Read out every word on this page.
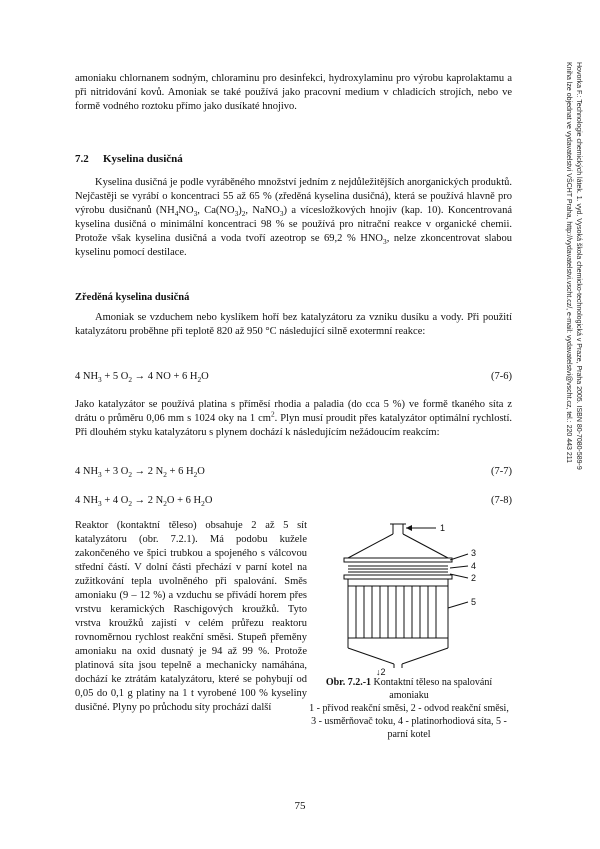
amoniaku chlornanem sodným, chloraminu pro desinfekci, hydroxylaminu pro výrobu kaprolaktamu a při nitridování kovů. Amoniak se také používá jako pracovní medium v chladicích strojích, nebo ve formě vodného roztoku přímo jako dusíkaté hnojivo.

7.2 Kyselina dusičná

Kyselina dusičná je podle vyráběného množství jedním z nejdůležitějších anorganických produktů. Nejčastěji se vyrábí o koncentraci 55 až 65 % (zředěná kyselina dusičná), která se používá hlavně pro výrobu dusičnanů ($NH_4NO_3$, $Ca(NO_3)_2$, NaNO$_3$) a vícesložkových hnojiv (kap. 10). Koncentrovaná kyselina dusičná o minimální koncentraci 98 % se používá pro nitrační reakce v organické chemii. Protože však kyselina dusičná a voda tvoří azeotrop se 69,2 % $HNO_3$, nelze zkoncentrovat slabou kyselinu pomocí destilace.

Zředěná kyselina dusičná

Amoniak se vzduchem nebo kyslíkem hoří bez katalyzátoru za vzniku dusíku a vody. Při použití katalyzátoru proběhne při teplotě 820 až 950 °C následující silně exotermní reakce:

4 $NH_3 + 5$ $O_2 \to 4$ NO + 6 $H_2O$	(7-6)

Jako katalyzátor se používá platina s příměsí rhodia a paladia (do cca 5 %) ve formě tkaného síta z drátu o průměru 0,06 mm s 1024 oky na 1 $cm^2$. Plyn musí proudit přes katalyzátor optimální rychlostí. Při dlouhém styku katalyzátoru s plynem dochází k následujícím nežádoucím reakcím:

4 $NH_3 + 3$ $O_2 \to 2$ $N_2 + 6$ $H_2O$	(7-7)
4 $NH_3 + 4$ $O_2 \to 2$ $N_2O + 6$ $H_2O$	(7-8)
Reaktor (kontaktní těleso) obsahuje 2 až 5 sít katalyzátoru (obr. 7.2.1). Má podobu kužele zakončeného ve špici trubkou a spojeného s válcovou střední částí. V dolní části přechází v parní kotel na zužitkování tepla uvolněného při spalování. Směs amoniaku (9 – 12 %) a vzduchu se přivádí horem přes vrstvu keramických Raschigových kroužků. Tyto vrstva kroužků zajistí v celém průřezu reaktoru rovnoměrnou rychlost reakční směsi. Stupeň přeměny amoniaku na oxid dusnatý je 94 až 99 %. Protože platinová síta jsou tepelně a mechanicky namáhána, dochází ke ztrátám katalyzátoru, které se pohybují od 0,05 do 0,1 g platiny na 1 t vyrobené 100 % kyseliny dusičné. Plyny po průchodu síty prochází další
1
3
4
2
5
↓2
Obr. 7.2.-1 Kontaktní těleso na spalování amoniaku
1 - přívod reakční směsi, 2 - odvod reakční směsi, 3 - usměrňovač toku, 4 - platinorhodiová síta, 5 - parní kotel
75
Hovorka F.: Technologie chemických látek. 1. vyd. Vysoká škola chemicko-technologická v Praze, Praha 2005. ISBN 80-7080-589-9
Kniha lze objednat ve vydavatelství VŠCHT Praha, http://vydavatelstvi.vscht.cz/, e-mail: vydavatelstvi@vscht.cz, tel.: 220 443 211
